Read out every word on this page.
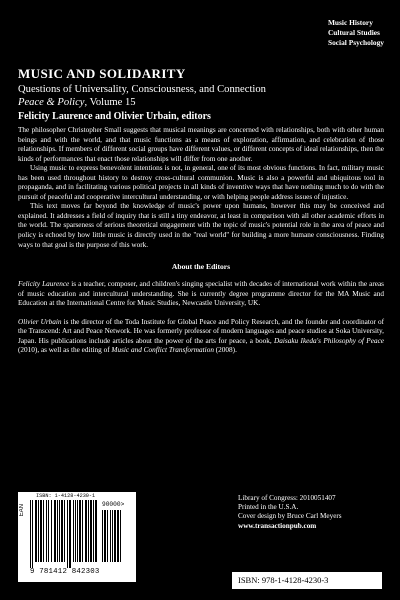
Music History
Cultural Studies
Social Psychology
MUSIC AND SOLIDARITY
Questions of Universality, Consciousness, and Connection
Peace & Policy, Volume 15
Felicity Laurence and Olivier Urbain, editors

The philosopher Christopher Small suggests that musical meanings are concerned with relationships, both with other human beings and with the world, and that music functions as a means of exploration, affirmation, and celebration of those relationships. If members of different social groups have different values, or different concepts of ideal relationships, then the kinds of performances that enact those relationships will differ from one another.

Using music to express benevolent intentions is not, in general, one of its most obvious functions. In fact, military music has been used throughout history to destroy cross-cultural communion. Music is also a powerful and ubiquitous tool in propaganda, and in facilitating various political projects in all kinds of inventive ways that have nothing much to do with the pursuit of peaceful and cooperative intercultural understanding, or with helping people address issues of injustice.

This text moves far beyond the knowledge of music's power upon humans, however this may be conceived and explained. It addresses a field of inquiry that is still a tiny endeavor, at least in comparison with all other academic efforts in the world. The sparseness of serious theoretical engagement with the topic of music's potential role in the area of peace and policy is echoed by how little music is directly used in the "real world" for building a more humane consciousness. Finding ways to that goal is the purpose of this work.

About the Editors

Felicity Laurence is a teacher, composer, and children's singing specialist with decades of international work within the areas of music education and intercultural understanding. She is currently degree programme director for the MA Music and Education at the International Centre for Music Studies, Newcastle University, UK.

Olivier Urbain is the director of the Toda Institute for Global Peace and Policy Research, and the founder and coordinator of the Transcend: Art and Peace Network. He was formerly professor of modern languages and peace studies at Soka University, Japan. His publications include articles about the power of the arts for peace, a book, Daisaku Ikeda's Philosophy of Peace (2010), as well as the editing of Music and Conflict Transformation (2008).

ISBN: 1-4128-4230-1
EAN	90000>
9 781412 842303
Library of Congress: 2010051407
Printed in the U.S.A.
Cover design by Bruce Carl Meyers
www.transactionpub.com
ISBN: 978-1-4128-4230-3
